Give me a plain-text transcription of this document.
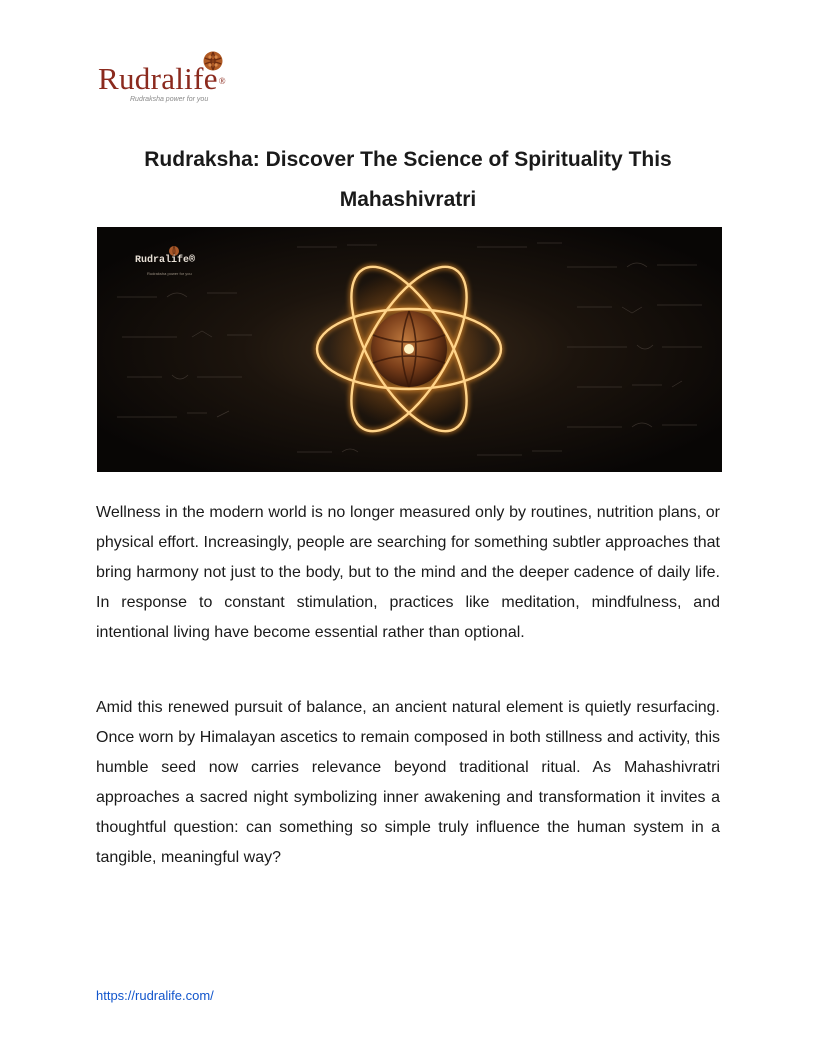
Rudralife®
Rudraksha power for you
Rudraksha: Discover The Science of Spirituality This Mahashivratri
Rudralife®
Rudraksha power for you

Wellness in the modern world is no longer measured only by routines, nutrition plans, or physical effort. Increasingly, people are searching for something subtler approaches that bring harmony not just to the body, but to the mind and the deeper cadence of daily life. In response to constant stimulation, practices like meditation, mindfulness, and intentional living have become essential rather than optional.

Amid this renewed pursuit of balance, an ancient natural element is quietly resurfacing. Once worn by Himalayan ascetics to remain composed in both stillness and activity, this humble seed now carries relevance beyond traditional ritual. As Mahashivratri approaches a sacred night symbolizing inner awakening and transformation it invites a thoughtful question: can something so simple truly influence the human system in a tangible, meaningful way?

https://rudralife.com/
